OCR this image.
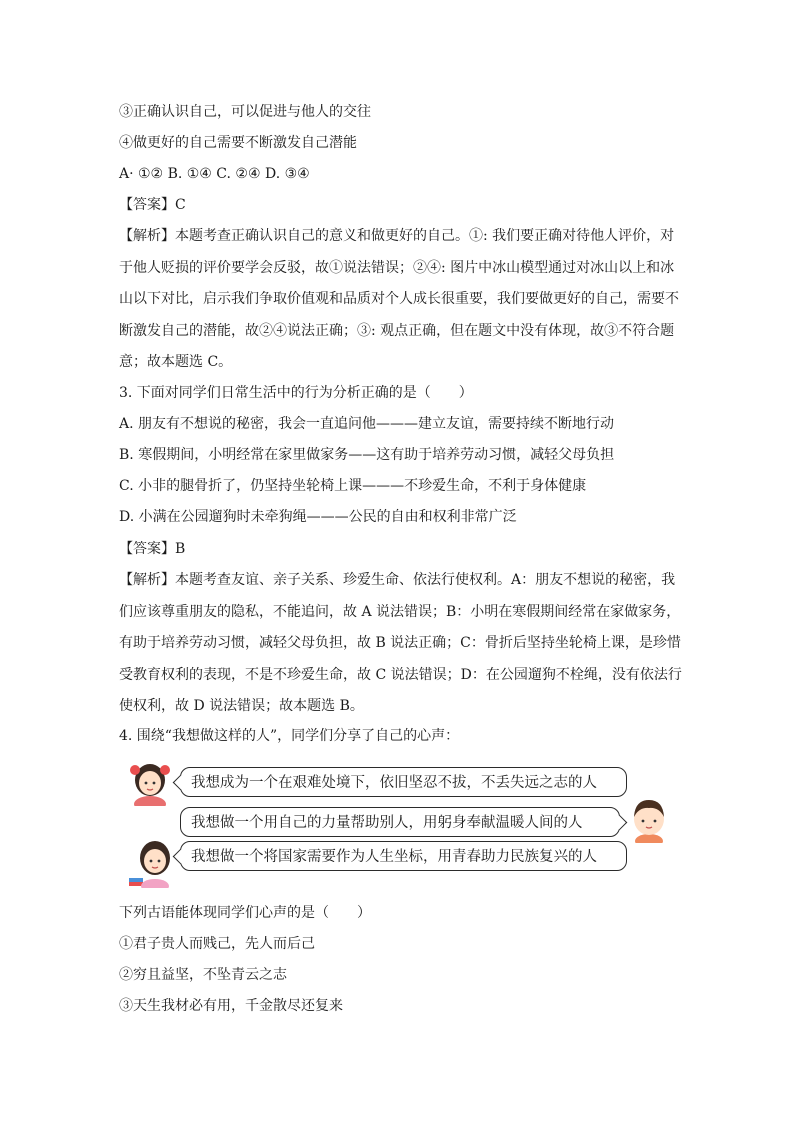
③正确认识自己，可以促进与他人的交往
④做更好的自己需要不断激发自己潜能
A· ①② B. ①④ C. ②④ D. ③④
【答案】C
【解析】本题考查正确认识自己的意义和做更好的自己。①: 我们要正确对待他人评价，对
于他人贬损的评价要学会反驳，故①说法错误；②④: 图片中冰山模型通过对冰山以上和冰
山以下对比，启示我们争取价值观和品质对个人成长很重要，我们要做更好的自己，需要不
断激发自己的潜能，故②④说法正确；③: 观点正确，但在题文中没有体现，故③不符合题
意；故本题选 C。
3. 下面对同学们日常生活中的行为分析正确的是（　　）
A. 朋友有不想说的秘密，我会一直追问他———建立友谊，需要持续不断地行动
B. 寒假期间，小明经常在家里做家务——这有助于培养劳动习惯，减轻父母负担
C. 小非的腿骨折了，仍坚持坐轮椅上课———不珍爱生命，不利于身体健康
D. 小满在公园遛狗时未牵狗绳———公民的自由和权利非常广泛
【答案】B
【解析】本题考查友谊、亲子关系、珍爱生命、依法行使权利。A：朋友不想说的秘密，我
们应该尊重朋友的隐私，不能追问，故 A 说法错误；B：小明在寒假期间经常在家做家务，
有助于培养劳动习惯，减轻父母负担，故 B 说法正确；C：骨折后坚持坐轮椅上课，是珍惜
受教育权利的表现，不是不珍爱生命，故 C 说法错误；D：在公园遛狗不栓绳，没有依法行
使权利，故 D 说法错误；故本题选 B。
4. 围绕“我想做这样的人”，同学们分享了自己的心声：
我想成为一个在艰难处境下，依旧坚忍不拔，不丢失远之志的人
我想做一个用自己的力量帮助别人，用躬身奉献温暖人间的人
我想做一个将国家需要作为人生坐标，用青春助力民族复兴的人
下列古语能体现同学们心声的是（　　）
①君子贵人而贱己，先人而后己
②穷且益坚，不坠青云之志
③天生我材必有用，千金散尽还复来
